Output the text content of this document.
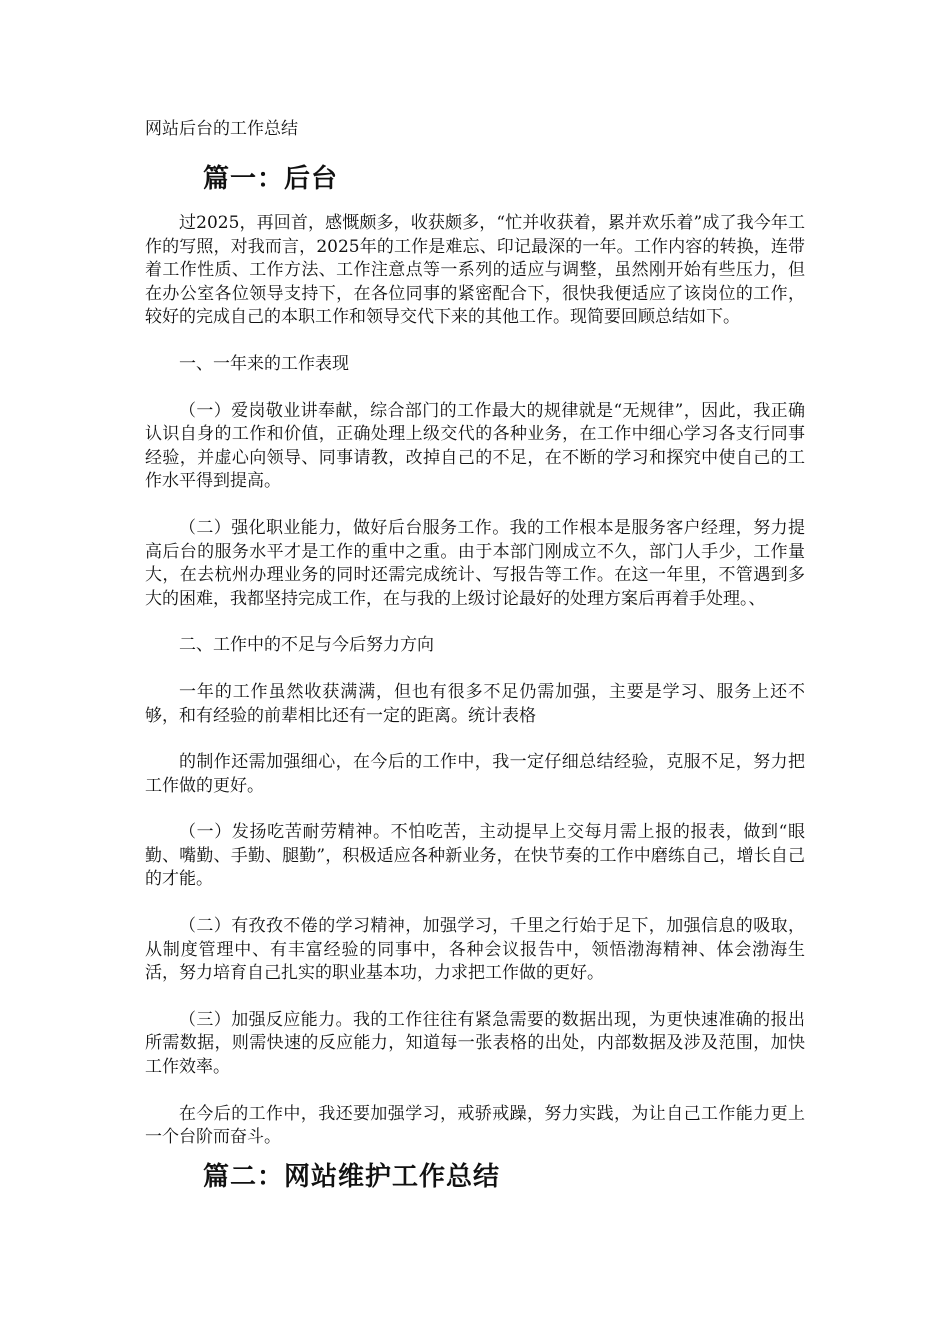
网站后台的工作总结
篇一：后台

过2025，再回首，感慨颇多，收获颇多，“忙并收获着，累并欢乐着”成了我今年工作的写照，对我而言，2025年的工作是难忘、印记最深的一年。工作内容的转换，连带着工作性质、工作方法、工作注意点等一系列的适应与调整，虽然刚开始有些压力，但在办公室各位领导支持下，在各位同事的紧密配合下，很快我便适应了该岗位的工作，较好的完成自己的本职工作和领导交代下来的其他工作。现简要回顾总结如下。

一、一年来的工作表现

（一）爱岗敬业讲奉献，综合部门的工作最大的规律就是“无规律”，因此，我正确认识自身的工作和价值，正确处理上级交代的各种业务，在工作中细心学习各支行同事经验，并虚心向领导、同事请教，改掉自己的不足，在不断的学习和探究中使自己的工作水平得到提高。

（二）强化职业能力，做好后台服务工作。我的工作根本是服务客户经理，努力提高后台的服务水平才是工作的重中之重。由于本部门刚成立不久，部门人手少，工作量大，在去杭州办理业务的同时还需完成统计、写报告等工作。在这一年里，不管遇到多大的困难，我都坚持完成工作，在与我的上级讨论最好的处理方案后再着手处理。、

二、工作中的不足与今后努力方向

一年的工作虽然收获满满，但也有很多不足仍需加强，主要是学习、服务上还不够，和有经验的前辈相比还有一定的距离。统计表格

的制作还需加强细心，在今后的工作中，我一定仔细总结经验，克服不足，努力把工作做的更好。

（一）发扬吃苦耐劳精神。不怕吃苦，主动提早上交每月需上报的报表，做到“眼勤、嘴勤、手勤、腿勤”，积极适应各种新业务，在快节奏的工作中磨练自己，增长自己的才能。

（二）有孜孜不倦的学习精神，加强学习，千里之行始于足下，加强信息的吸取，从制度管理中、有丰富经验的同事中，各种会议报告中，领悟渤海精神、体会渤海生活，努力培育自己扎实的职业基本功，力求把工作做的更好。

（三）加强反应能力。我的工作往往有紧急需要的数据出现，为更快速准确的报出所需数据，则需快速的反应能力，知道每一张表格的出处，内部数据及涉及范围，加快工作效率。

在今后的工作中，我还要加强学习，戒骄戒躁，努力实践，为让自己工作能力更上一个台阶而奋斗。

篇二：网站维护工作总结
